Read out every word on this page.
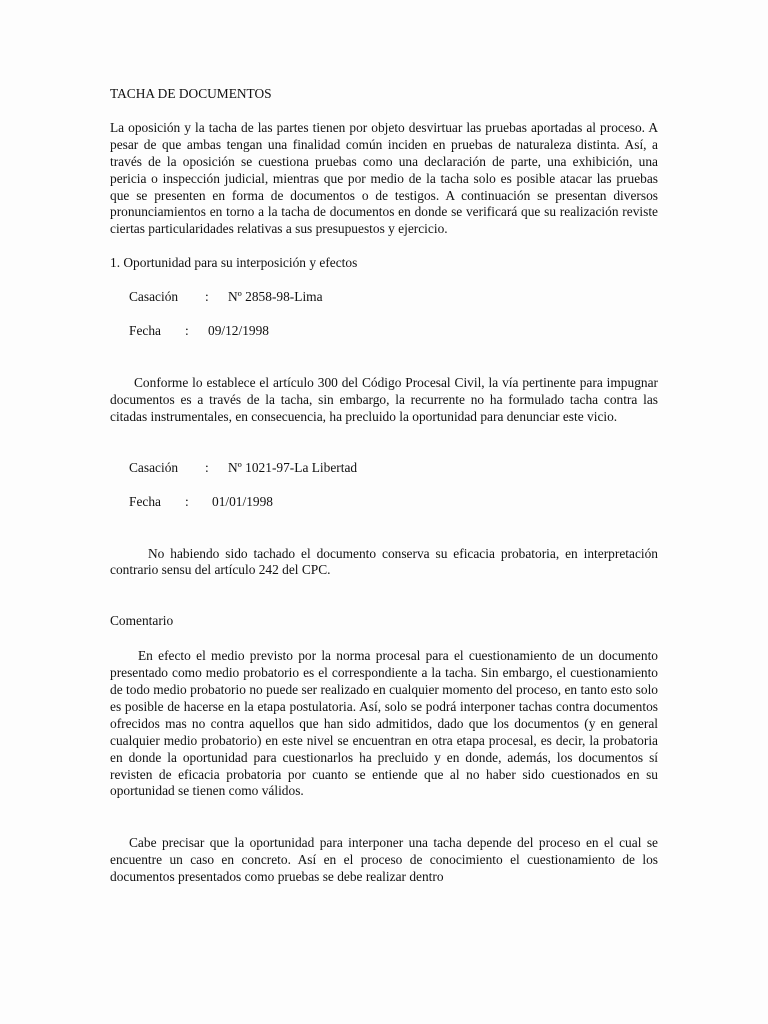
TACHA DE DOCUMENTOS

La oposición y la tacha de las partes tienen por objeto desvirtuar las pruebas aportadas al proceso. A pesar de que ambas tengan una finalidad común inciden en pruebas de naturaleza distinta. Así, a través de la oposición se cuestiona pruebas como una declaración de parte, una exhibición, una pericia o inspección judicial, mientras que por medio de la tacha solo es posible atacar las pruebas que se presenten en forma de documentos o de testigos. A continuación se presentan diversos pronunciamientos en torno a la tacha de documentos en donde se verificará que su realización reviste ciertas particularidades relativas a sus presupuestos y ejercicio.

1. Oportunidad para su interposición y efectos

Casación	:	Nº 2858-98-Lima
Fecha	:	09/12/1998

Conforme lo establece el artículo 300 del Código Procesal Civil, la vía pertinente para impugnar documentos es a través de la tacha, sin embargo, la recurrente no ha formulado tacha contra las citadas instrumentales, en consecuencia, ha precluido la oportunidad para denunciar este vicio.

Casación	:	Nº 1021-97-La Libertad
Fecha	:	01/01/1998

No habiendo sido tachado el documento conserva su eficacia probatoria, en interpretación contrario sensu del artículo 242 del CPC.

Comentario

En efecto el medio previsto por la norma procesal para el cuestionamiento de un documento presentado como medio probatorio es el correspondiente a la tacha. Sin embargo, el cuestionamiento de todo medio probatorio no puede ser realizado en cualquier momento del proceso, en tanto esto solo es posible de hacerse en la etapa postulatoria. Así, solo se podrá interponer tachas contra documentos ofrecidos mas no contra aquellos que han sido admitidos, dado que los documentos (y en general cualquier medio probatorio) en este nivel se encuentran en otra etapa procesal, es decir, la probatoria en donde la oportunidad para cuestionarlos ha precluido y en donde, además, los documentos sí revisten de eficacia probatoria por cuanto se entiende que al no haber sido cuestionados en su oportunidad se tienen como válidos.

Cabe precisar que la oportunidad para interponer una tacha depende del proceso en el cual se encuentre un caso en concreto. Así en el proceso de conocimiento el cuestionamiento de los documentos presentados como pruebas se debe realizar dentro
